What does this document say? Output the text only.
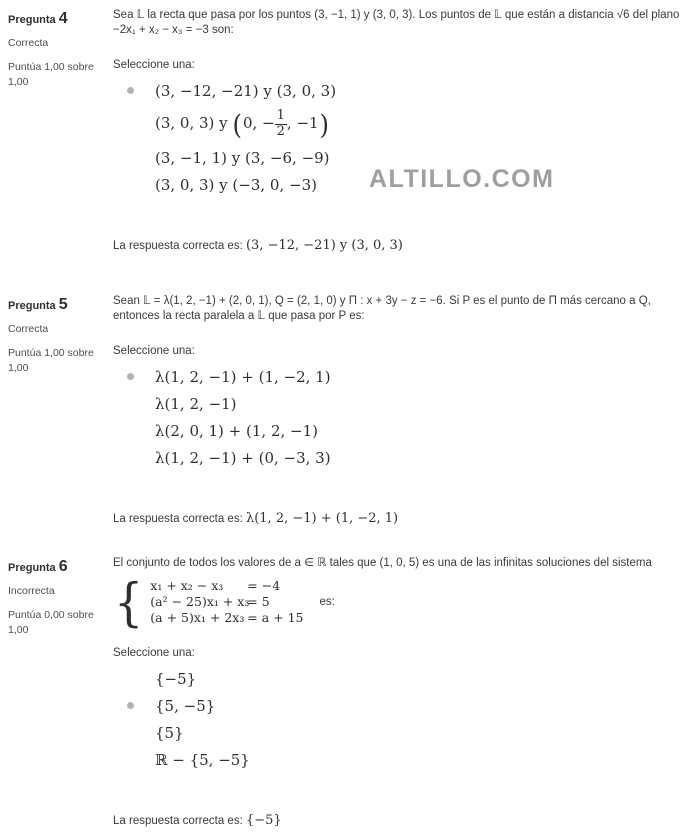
Pregunta 4
Correcta
Puntúa 1,00 sobre 1,00

Sea 𝕃 la recta que pasa por los puntos (3, −1, 1) y (3, 0, 3). Los puntos de 𝕃 que están a distancia √6 del plano −2x₁ + x₂ − x₃ = −3 son:

Seleccione una:
(3, −12, −21) y (3, 0, 3)
(3, 0, 3) y (0, − $\frac{1}{2}$ , −1)
(3, −1, 1) y (3, −6, −9)
(3, 0, 3) y (−3, 0, −3)
La respuesta correcta es: (3, −12, −21) y (3, 0, 3)
Pregunta 5
Correcta
Puntúa 1,00 sobre 1,00

Sean 𝕃 = λ(1, 2, −1) + (2, 0, 1), Q = (2, 1, 0) y Π : x + 3y − z = −6. Si P es el punto de Π más cercano a Q, entonces la recta paralela a 𝕃 que pasa por P es:

Seleccione una:
λ(1, 2, −1) + (1, −2, 1)
λ(1, 2, −1)
λ(2, 0, 1) + (1, 2, −1)
λ(1, 2, −1) + (0, −3, 3)
La respuesta correcta es: λ(1, 2, −1) + (1, −2, 1)
Pregunta 6
Incorrecta
Puntúa 0,00 sobre 1,00

El conjunto de todos los valores de a ∈ ℝ tales que (1, 0, 5) es una de las infinitas soluciones del sistema

{ x₁ + x₂ − x₃ = −4
(a² − 25)x₁ + x₃= 5
(a + 5)x₁ + 2x₃ = a + 15
es:
Seleccione una:
{−5}
{5, −5}
{5}
ℝ − {5, −5}
La respuesta correcta es: {−5}
ALTILLO.COM
